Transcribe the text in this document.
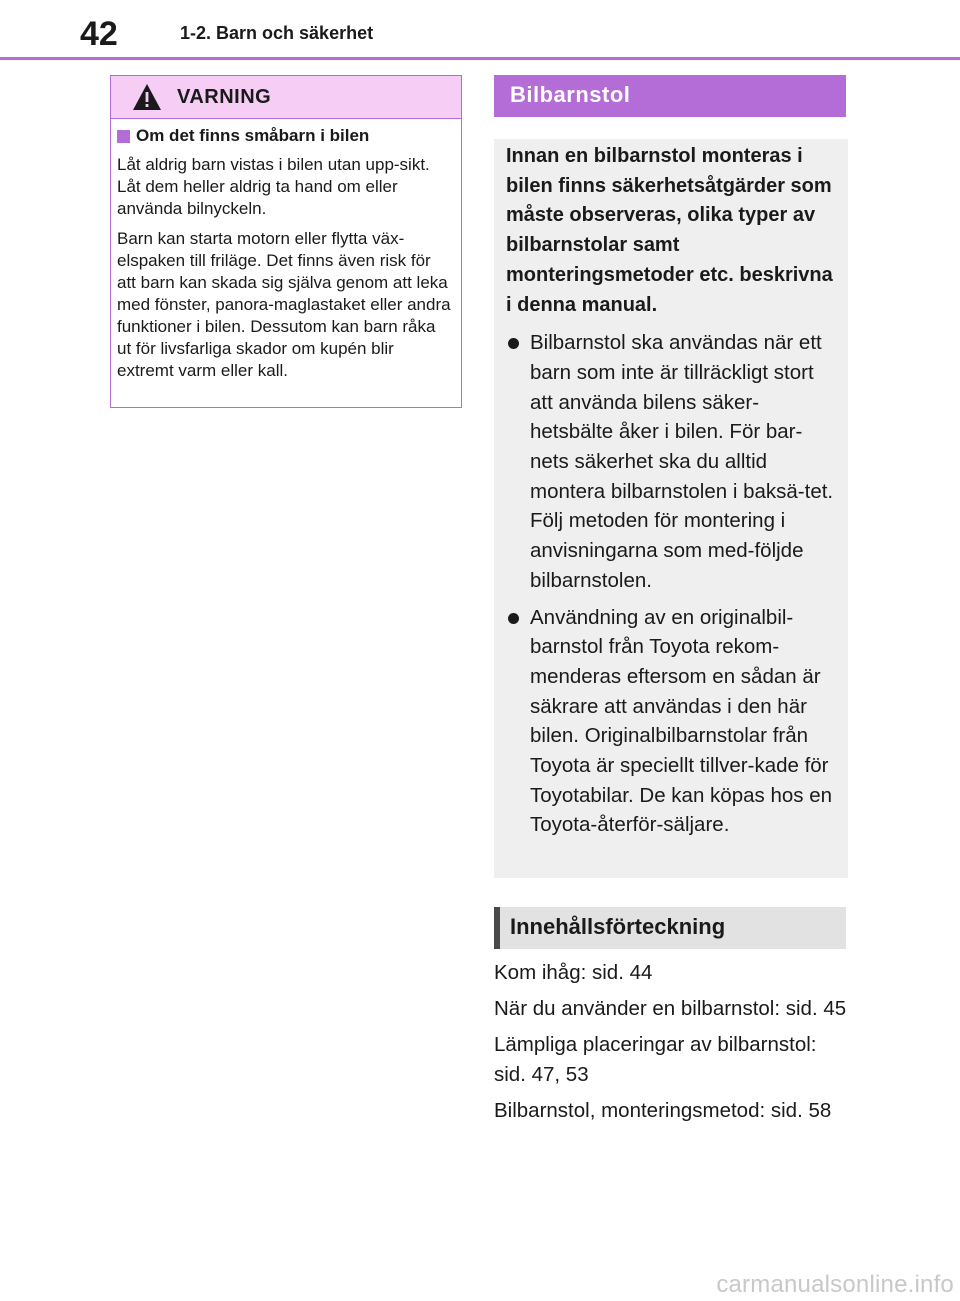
42	1-2. Barn och säkerhet
VARNING
Om det finns småbarn i bilen

Låt aldrig barn vistas i bilen utan upp-sikt. Låt dem heller aldrig ta hand om eller använda bilnyckeln.

Barn kan starta motorn eller flytta väx-elspaken till friläge. Det finns även risk för att barn kan skada sig själva genom att leka med fönster, panora-maglastaket eller andra funktioner i bilen. Dessutom kan barn råka ut för livsfarliga skador om kupén blir extremt varm eller kall.

Bilbarnstol

Innan en bilbarnstol monteras i bilen finns säkerhetsåtgärder som måste observeras, olika typer av bilbarnstolar samt monteringsmetoder etc. beskrivna i denna manual.

Bilbarnstol ska användas när ett barn som inte är tillräckligt stort att använda bilens säker-hetsbälte åker i bilen. För bar-nets säkerhet ska du alltid montera bilbarnstolen i baksä-tet. Följ metoden för montering i anvisningarna som med-följde bilbarnstolen.
Användning av en originalbil-barnstol från Toyota rekom-menderas eftersom en sådan är säkrare att användas i den här bilen. Originalbilbarnstolar från Toyota är speciellt tillver-kade för Toyotabilar. De kan köpas hos en Toyota-återför-säljare.
Innehållsförteckning
Kom ihåg: sid. 44
När du använder en bilbarnstol: sid. 45
Lämpliga placeringar av bilbarnstol: sid. 47, 53
Bilbarnstol, monteringsmetod: sid. 58
carmanualsonline.info
